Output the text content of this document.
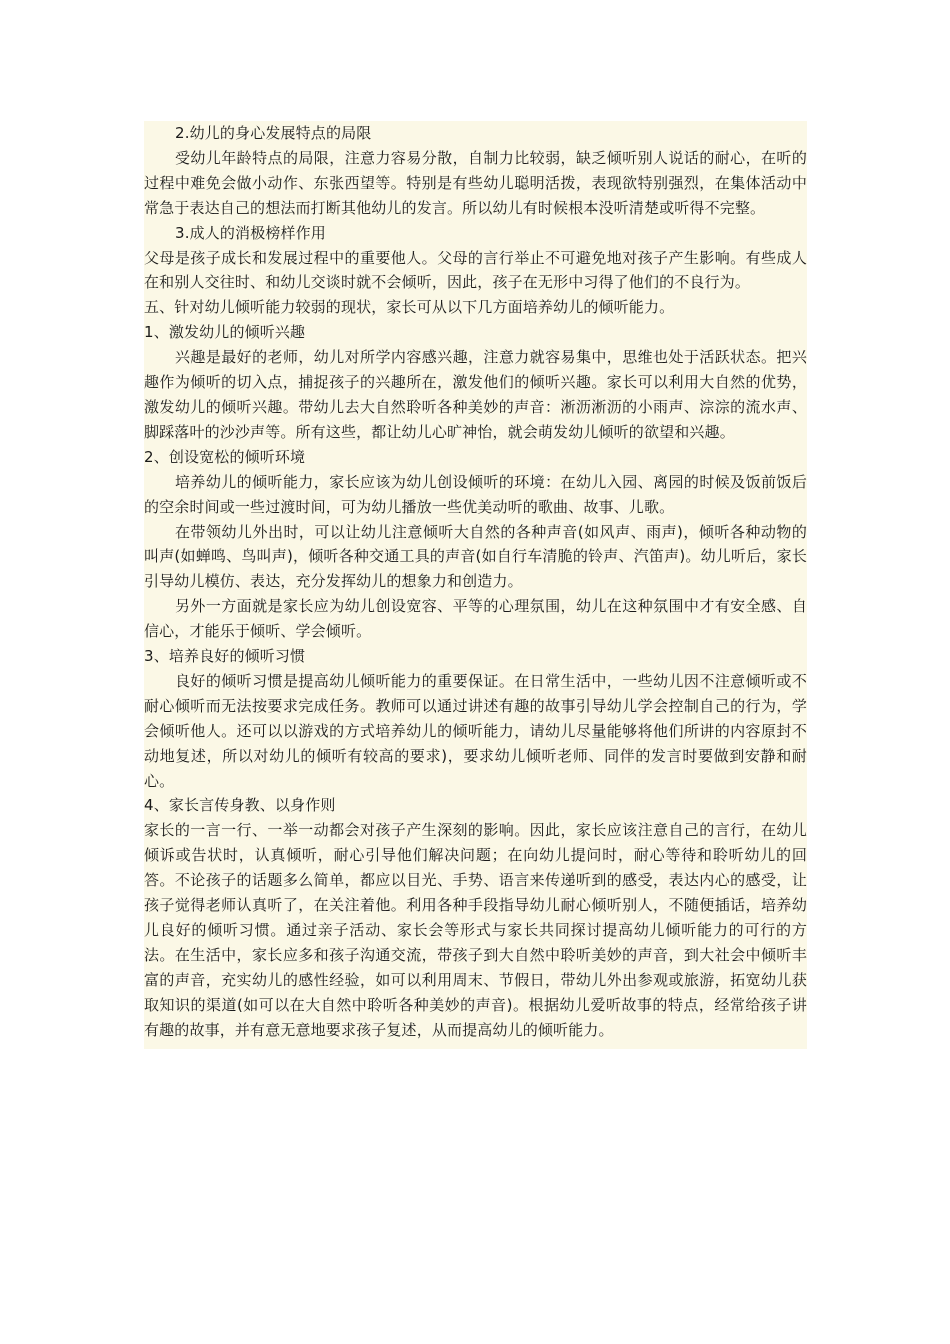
2.幼儿的身心发展特点的局限

受幼儿年龄特点的局限，注意力容易分散，自制力比较弱，缺乏倾听别人说话的耐心，在听的过程中难免会做小动作、东张西望等。特别是有些幼儿聪明活拨，表现欲特别强烈，在集体活动中常急于表达自己的想法而打断其他幼儿的发言。所以幼儿有时候根本没听清楚或听得不完整。

3.成人的消极榜样作用

父母是孩子成长和发展过程中的重要他人。父母的言行举止不可避免地对孩子产生影响。有些成人在和别人交往时、和幼儿交谈时就不会倾听，因此，孩子在无形中习得了他们的不良行为。

五、针对幼儿倾听能力较弱的现状，家长可从以下几方面培养幼儿的倾听能力。

1、激发幼儿的倾听兴趣

兴趣是最好的老师，幼儿对所学内容感兴趣，注意力就容易集中，思维也处于活跃状态。把兴趣作为倾听的切入点，捕捉孩子的兴趣所在，激发他们的倾听兴趣。家长可以利用大自然的优势，激发幼儿的倾听兴趣。带幼儿去大自然聆听各种美妙的声音：淅沥淅沥的小雨声、淙淙的流水声、脚踩落叶的沙沙声等。所有这些，都让幼儿心旷神怡，就会萌发幼儿倾听的欲望和兴趣。

2、创设宽松的倾听环境

培养幼儿的倾听能力，家长应该为幼儿创设倾听的环境：在幼儿入园、离园的时候及饭前饭后的空余时间或一些过渡时间，可为幼儿播放一些优美动听的歌曲、故事、儿歌。

在带领幼儿外出时，可以让幼儿注意倾听大自然的各种声音(如风声、雨声)，倾听各种动物的叫声(如蝉鸣、鸟叫声)，倾听各种交通工具的声音(如自行车清脆的铃声、汽笛声)。幼儿听后，家长引导幼儿模仿、表达，充分发挥幼儿的想象力和创造力。

另外一方面就是家长应为幼儿创设宽容、平等的心理氛围，幼儿在这种氛围中才有安全感、自信心，才能乐于倾听、学会倾听。

3、培养良好的倾听习惯

良好的倾听习惯是提高幼儿倾听能力的重要保证。在日常生活中，一些幼儿因不注意倾听或不耐心倾听而无法按要求完成任务。教师可以通过讲述有趣的故事引导幼儿学会控制自己的行为，学会倾听他人。还可以以游戏的方式培养幼儿的倾听能力，请幼儿尽量能够将他们所讲的内容原封不动地复述，所以对幼儿的倾听有较高的要求)，要求幼儿倾听老师、同伴的发言时要做到安静和耐心。

4、家长言传身教、以身作则

家长的一言一行、一举一动都会对孩子产生深刻的影响。因此，家长应该注意自己的言行，在幼儿倾诉或告状时，认真倾听，耐心引导他们解决问题；在向幼儿提问时，耐心等待和聆听幼儿的回答。不论孩子的话题多么简单，都应以目光、手势、语言来传递听到的感受，表达内心的感受，让孩子觉得老师认真听了，在关注着他。利用各种手段指导幼儿耐心倾听别人，不随便插话，培养幼儿良好的倾听习惯。通过亲子活动、家长会等形式与家长共同探讨提高幼儿倾听能力的可行的方法。在生活中，家长应多和孩子沟通交流，带孩子到大自然中聆听美妙的声音，到大社会中倾听丰富的声音，充实幼儿的感性经验，如可以利用周末、节假日，带幼儿外出参观或旅游，拓宽幼儿获取知识的渠道(如可以在大自然中聆听各种美妙的声音)。根据幼儿爱听故事的特点，经常给孩子讲有趣的故事，并有意无意地要求孩子复述，从而提高幼儿的倾听能力。
